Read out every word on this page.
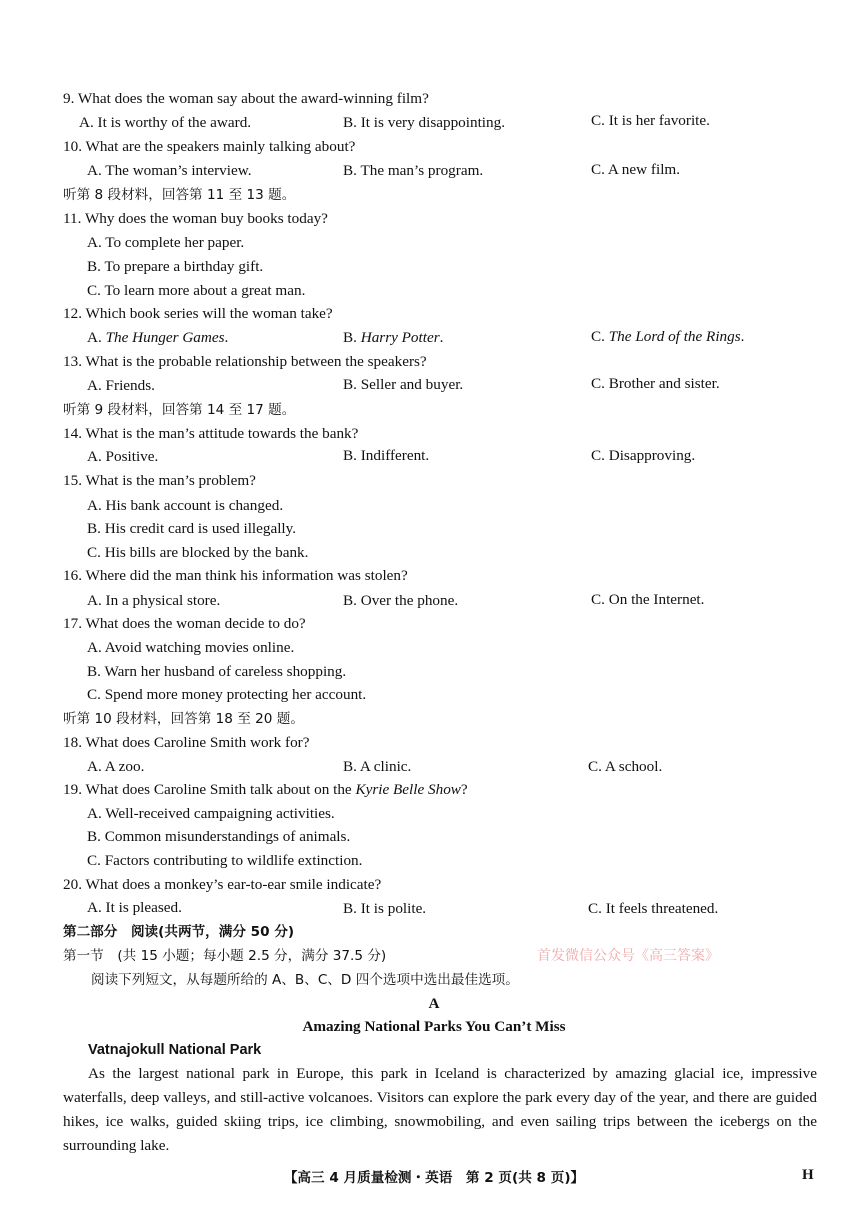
9. What does the woman say about the award-winning film?
A. It is worthy of the award.	B. It is very disappointing.	C. It is her favorite.
10. What are the speakers mainly talking about?
A. The woman’s interview.	B. The man’s program.	C. A new film.
听第 8 段材料，回答第 11 至 13 题。
11. Why does the woman buy books today?
A. To complete her paper.
B. To prepare a birthday gift.
C. To learn more about a great man.
12. Which book series will the woman take?
A. The Hunger Games.	B. Harry Potter.	C. The Lord of the Rings.
13. What is the probable relationship between the speakers?
A. Friends.	B. Seller and buyer.	C. Brother and sister.
听第 9 段材料，回答第 14 至 17 题。
14. What is the man’s attitude towards the bank?
A. Positive.	B. Indifferent.	C. Disapproving.
15. What is the man’s problem?
A. His bank account is changed.
B. His credit card is used illegally.
C. His bills are blocked by the bank.
16. Where did the man think his information was stolen?
A. In a physical store.	B. Over the phone.	C. On the Internet.
17. What does the woman decide to do?
A. Avoid watching movies online.
B. Warn her husband of careless shopping.
C. Spend more money protecting her account.
听第 10 段材料，回答第 18 至 20 题。
18. What does Caroline Smith work for?
A. A zoo.	B. A clinic.	C. A school.
19. What does Caroline Smith talk about on the Kyrie Belle Show?
A. Well-received campaigning activities.
B. Common misunderstandings of animals.
C. Factors contributing to wildlife extinction.
20. What does a monkey’s ear-to-ear smile indicate?
A. It is pleased.	B. It is polite.	C. It feels threatened.
第二部分　阅读(共两节，满分 50 分)
第一节　(共 15 小题；每小题 2.5 分，满分 37.5 分)	首发微信公众号《高三答案》
阅读下列短文，从每题所给的 A、B、C、D 四个选项中选出最佳选项。
A
Amazing National Parks You Can’t Miss
Vatnajokull National Park
As the largest national park in Europe, this park in Iceland is characterized by amazing glacial ice, impressive waterfalls, deep valleys, and still-active volcanoes. Visitors can explore the park every day of the year, and there are guided hikes, ice walks, guided skiing trips, ice climbing, snowmobiling, and even sailing trips between the icebergs on the surrounding lake.
【高三 4 月质量检测・英语　第 2 页(共 8 页)】	H
